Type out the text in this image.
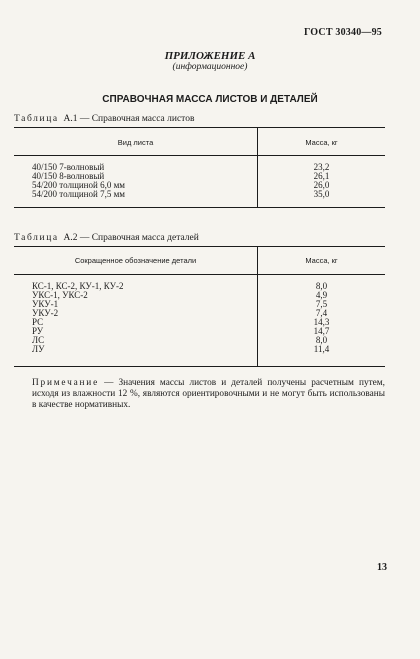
ГОСТ 30340—95
ПРИЛОЖЕНИЕ А
(информационное)
СПРАВОЧНАЯ МАССА ЛИСТОВ И ДЕТАЛЕЙ
Таблица А.1 — Справочная масса листов
Вид листа	Масса, кг
40/150 7-волновый	23,2
40/150 8-волновый	26,1
54/200 толщиной 6,0 мм	26,0
54/200 толщиной 7,5 мм	35,0
Таблица А.2 — Справочная масса деталей
Сокращенное обозначение детали	Масса, кг
КС-1, КС-2, КУ-1, КУ-2	8,0
УКС-1, УКС-2	4,9
УКУ-1	7,5
УКУ-2	7,4
РС	14,3
РУ	14,7
ЛС	8,0
ЛУ	11,4
Примечание — Значения массы листов и деталей получены расчетным путем, исходя из влажности 12 %, являются ориентировочными и не могут быть использованы в качестве нормативных.
13
